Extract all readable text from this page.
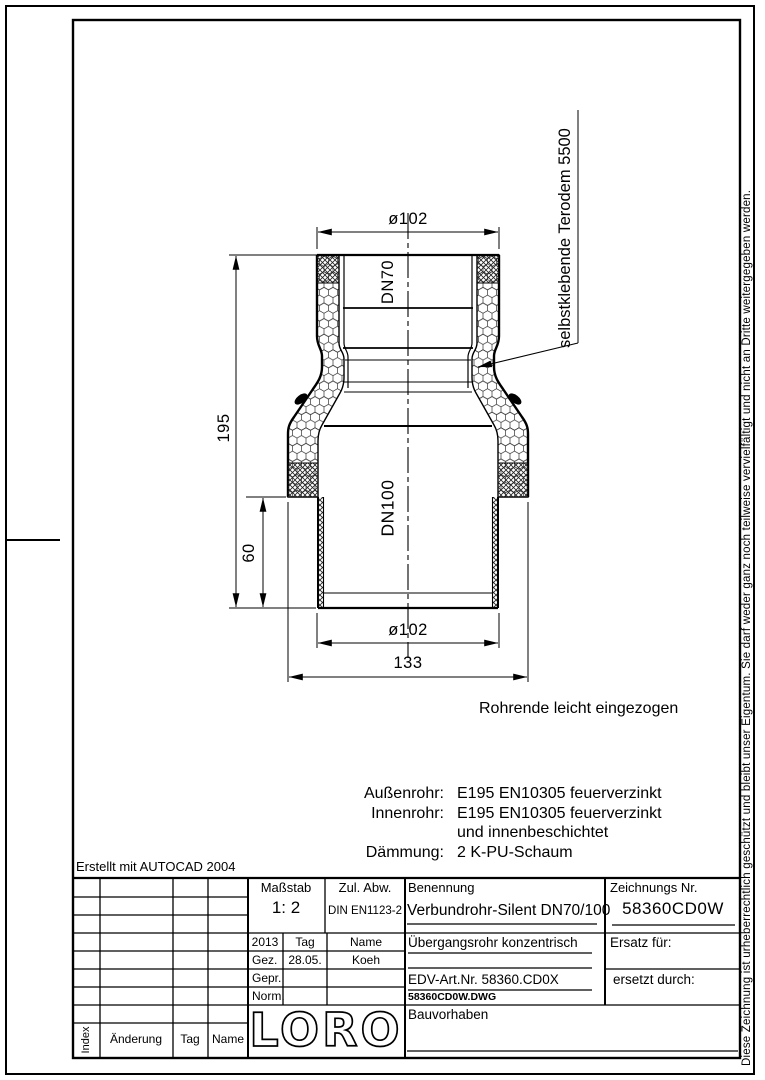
LORO
ø102
195
60
ø102
133
DN70
DN100
selbstklebende Terodem 5500
Rohrende leicht eingezogen
Außenrohr: E195 EN10305 feuerverzinkt
Innenrohr: E195 EN10305 feuerverzinkt
und innenbeschichtet
Dämmung: 2 K-PU-Schaum
Erstellt mit AUTOCAD 2004
Maßstab
1: 2
Zul. Abw.
DIN EN1123-2
2013 Tag	Name
Gez. 28.05.	Koeh
Gepr.
Norm.
Benennung
Verbundrohr-Silent DN70/100
Zeichnungs Nr.
58360CD0W
Übergangsrohr konzentrisch
EDV-Art.Nr. 58360.CD0X
58360CD0W.DWG
Ersatz für:
ersetzt durch:
Bauvorhaben
Index Änderung Tag Name	Diese Zeichnung ist urheberrechtlich geschützt und bleibt unser Eigentum. Sie darf weder ganz noch teilweise vervielfältigt und nicht an Dritte weitergegeben werden.
